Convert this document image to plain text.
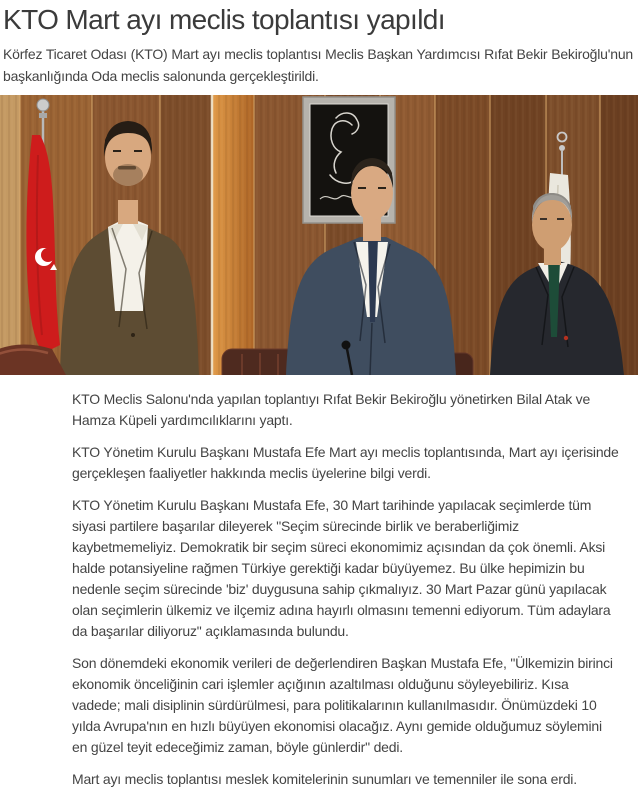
KTO Mart ayı meclis toplantısı yapıldı

Körfez Ticaret Odası (KTO) Mart ayı meclis toplantısı Meclis Başkan Yardımcısı Rıfat Bekir Bekiroğlu'nun başkanlığında Oda meclis salonunda gerçekleştirildi.

KTO Meclis Salonu'nda yapılan toplantıyı Rıfat Bekir Bekiroğlu yönetirken Bilal Atak ve Hamza Küpeli yardımcılıklarını yaptı.

KTO Yönetim Kurulu Başkanı Mustafa Efe Mart ayı meclis toplantısında, Mart ayı içerisinde gerçekleşen faaliyetler hakkında meclis üyelerine bilgi verdi.

KTO Yönetim Kurulu Başkanı Mustafa Efe, 30 Mart tarihinde yapılacak seçimlerde tüm siyasi partilere başarılar dileyerek "Seçim sürecinde birlik ve beraberliğimiz kaybetmemeliyiz. Demokratik bir seçim süreci ekonomimiz açısından da çok önemli. Aksi halde potansiyeline rağmen Türkiye gerektiği kadar büyüyemez. Bu ülke hepimizin bu nedenle seçim sürecinde 'biz' duygusuna sahip çıkmalıyız. 30 Mart Pazar günü yapılacak olan seçimlerin ülkemiz ve ilçemiz adına hayırlı olmasını temenni ediyorum. Tüm adaylara da başarılar diliyoruz" açıklamasında bulundu.

Son dönemdeki ekonomik verileri de değerlendiren Başkan Mustafa Efe, "Ülkemizin birinci ekonomik önceliğinin cari işlemler açığının azaltılması olduğunu söyleyebiliriz. Kısa vadede; mali disiplinin sürdürülmesi, para politikalarının kullanılmasıdır. Önümüzdeki 10 yılda Avrupa'nın en hızlı büyüyen ekonomisi olacağız. Aynı gemide olduğumuz söylemini en güzel teyit edeceğimiz zaman, böyle günlerdir" dedi.

Mart ayı meclis toplantısı meslek komitelerinin sunumları ve temenniler ile sona erdi.
